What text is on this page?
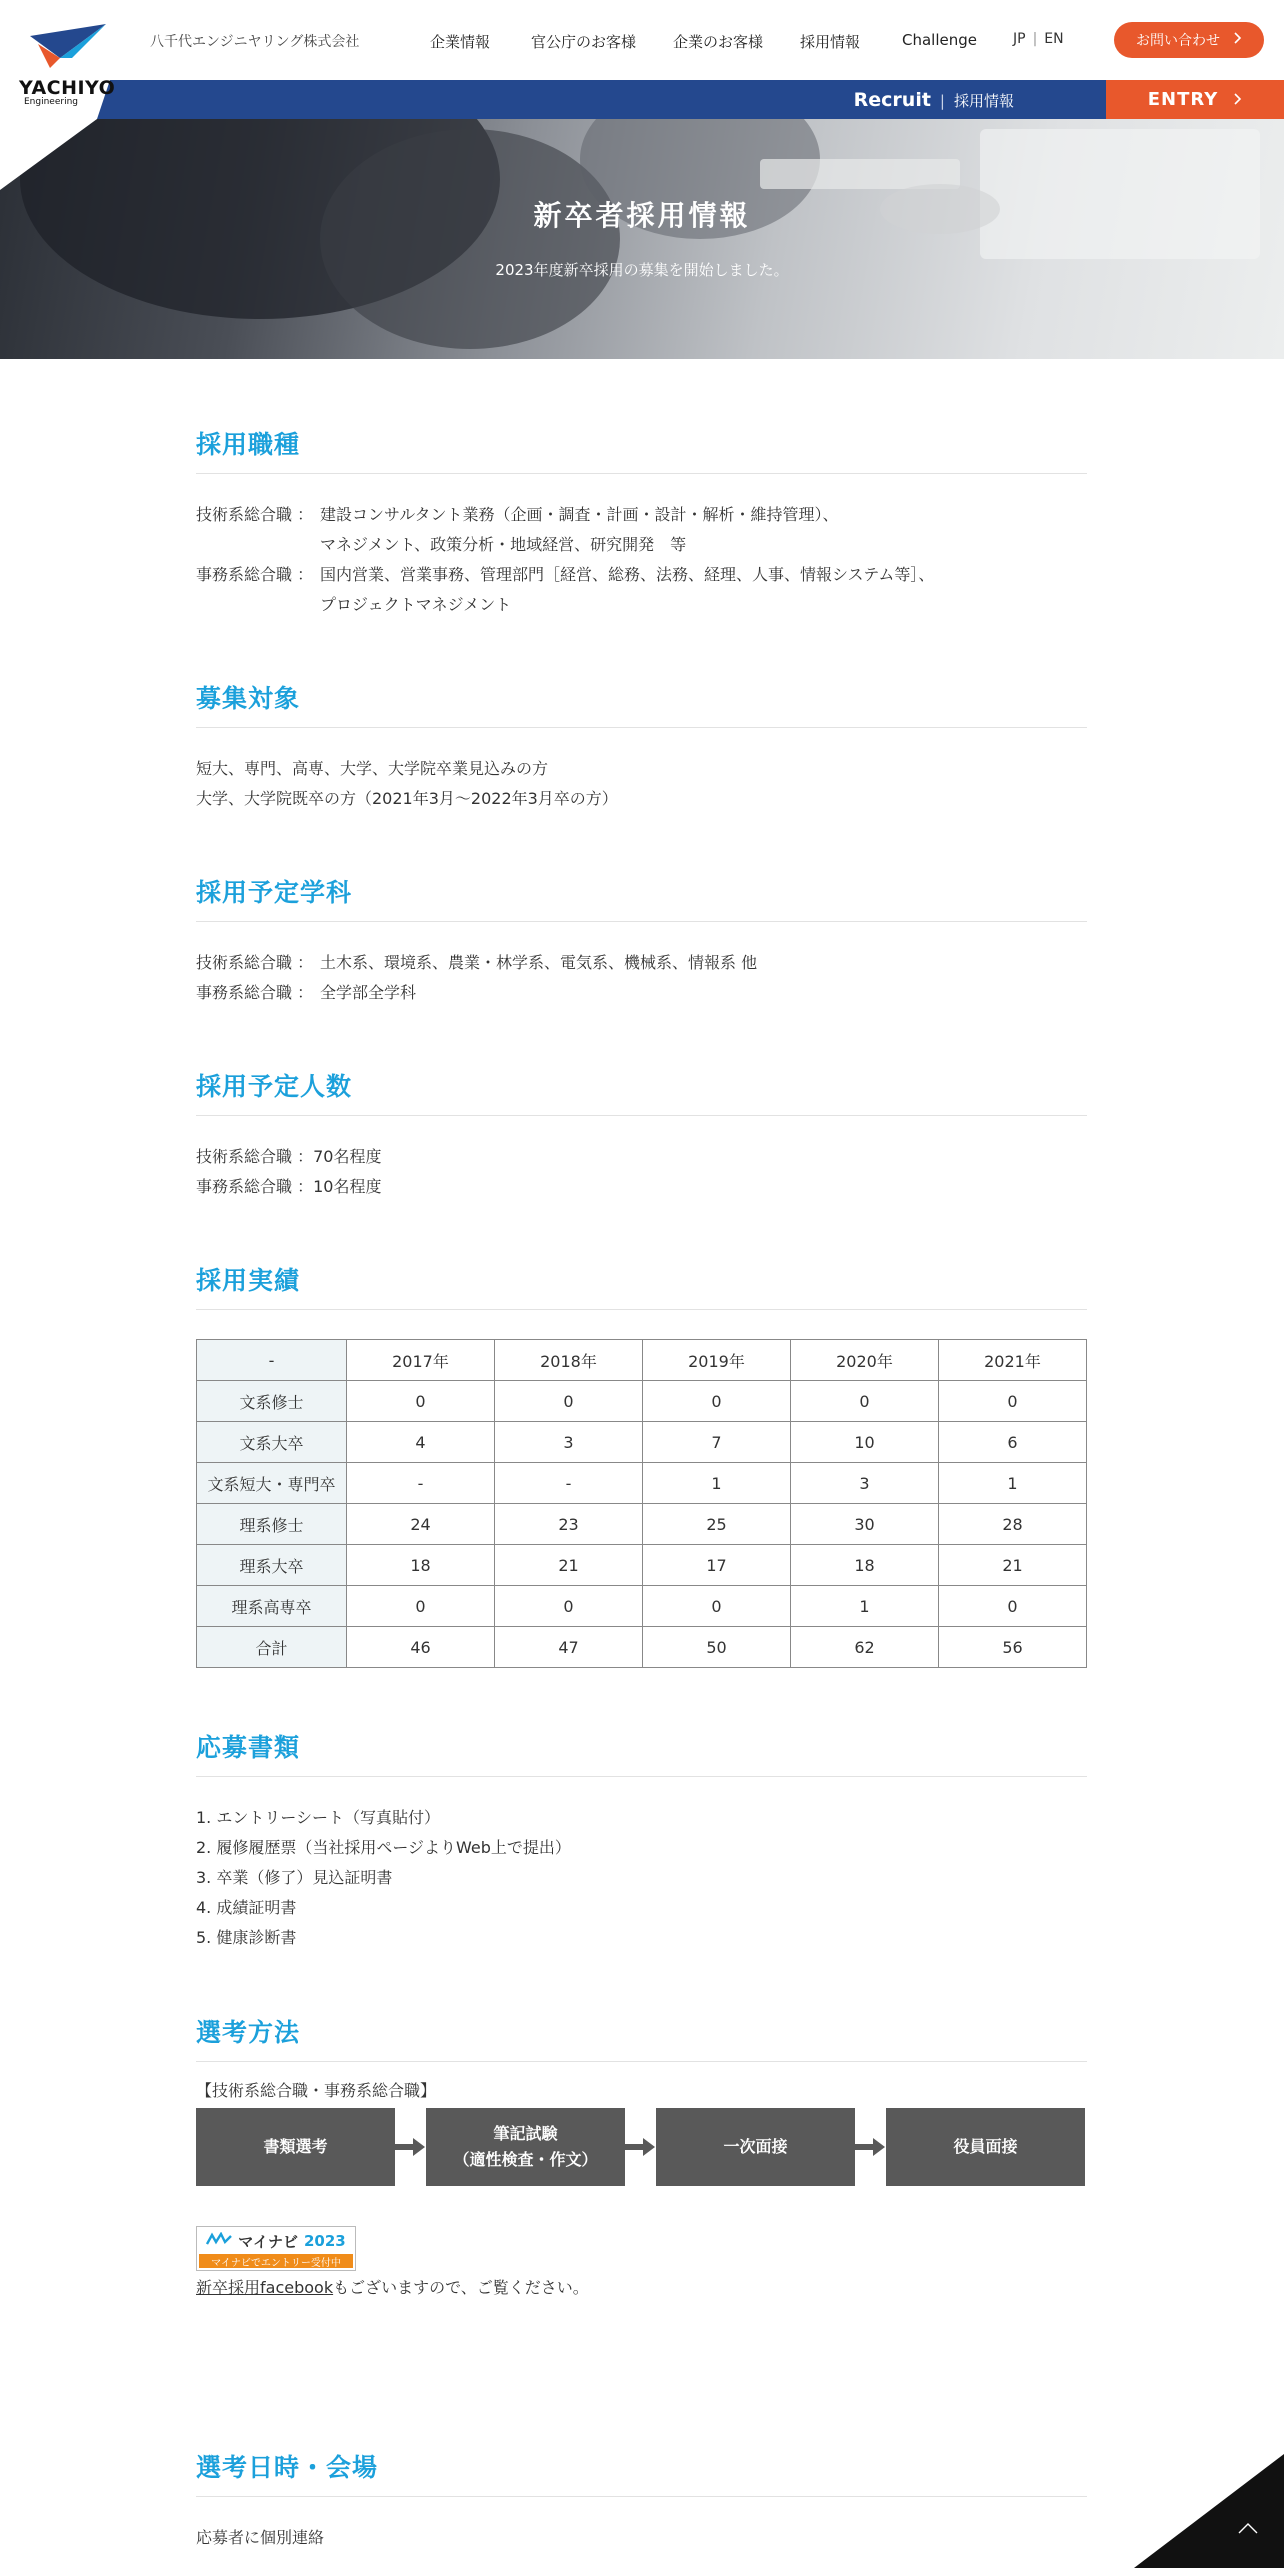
八千代エンジニヤリング株式会社	企業情報	官公庁のお客様 企業のお客様 採用情報	Challenge	JP | EN	お問い合わせ
YACHIYO
Engineering	Recruit | 採用情報	ENTRY
新卒者採用情報
2023年度新卒採用の募集を開始しました。
採用職種
技術系総合職 ： 建設コンサルタント業務（企画・調査・計画・設計・解析・維持管理）、
マネジメント、政策分析・地域経営、研究開発　等
事務系総合職 ： 国内営業、営業事務、管理部門［経営、総務、法務、経理、人事、情報システム等］、
プロジェクトマネジメント
募集対象
短大、専門、高専、大学、大学院卒業見込みの方
大学、大学院既卒の方（2021年3月～2022年3月卒の方）
採用予定学科
技術系総合職 ： 土木系、環境系、農業・林学系、電気系、機械系、情報系 他
事務系総合職 ： 全学部全学科
採用予定人数
技術系総合職 ：70名程度
事務系総合職 ：10名程度
採用実績
-	2017年	2018年	2019年	2020年	2021年
文系修士	0	0	0	0	0
文系大卒	4	3	7	10	6
文系短大・専門卒	-	-	1	3	1
理系修士	24	23	25	30	28
理系大卒	18	21	17	18	21
理系高専卒	0	0	0	1	0
合計	46	47	50	62	56
応募書類
1. エントリーシート（写真貼付）
2. 履修履歴票（当社採用ページよりWeb上で提出）
3. 卒業（修了）見込証明書
4. 成績証明書
5. 健康診断書
選考方法
【技術系総合職・事務系総合職】
書類選考
筆記試験
（適性検査・作文）
一次面接	役員面接
マイナビ 2023
マイナビでエントリー受付中
新卒採用facebookもございますので、ご覧ください。
選考日時・会場
応募者に個別連絡
